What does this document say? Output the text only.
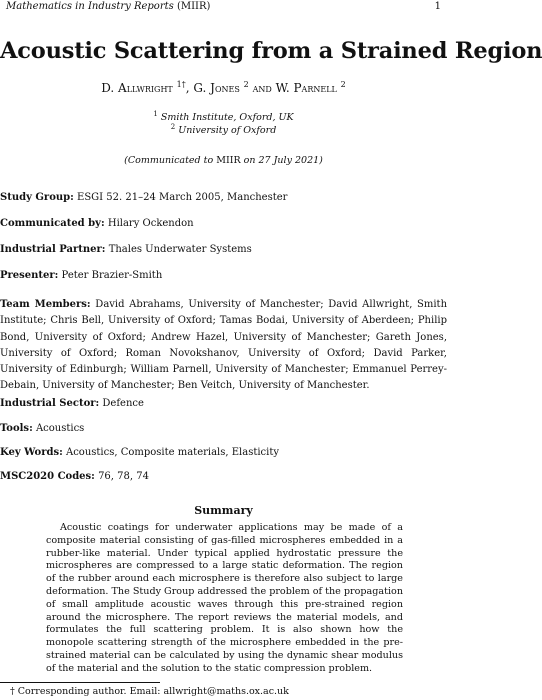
Mathematics in Industry Reports (MIIR)	1
Acoustic Scattering from a Strained Region
D. Allwright $^{1\dagger}$, G. Jones $^2$ and W. Parnell $^2$
$^1$ Smith Institute, Oxford, UK
$^2$ University of Oxford
(Communicated to MIIR on 27 July 2021)
Study Group: ESGI 52. 21–24 March 2005, Manchester
Communicated by: Hilary Ockendon
Industrial Partner: Thales Underwater Systems
Presenter: Peter Brazier-Smith
Team Members: David Abrahams, University of Manchester; David Allwright, Smith Institute; Chris Bell, University of Oxford; Tamas Bodai, University of Aberdeen; Philip Bond, University of Oxford; Andrew Hazel, University of Manchester; Gareth Jones, University of Oxford; Roman Novokshanov, University of Oxford; David Parker, University of Edinburgh; William Parnell, University of Manchester; Emmanuel Perrey-Debain, University of Manchester; Ben Veitch, University of Manchester.
Industrial Sector: Defence
Tools: Acoustics
Key Words: Acoustics, Composite materials, Elasticity
MSC2020 Codes: 76, 78, 74
Summary
Acoustic coatings for underwater applications may be made of a composite material consisting of gas-filled microspheres embedded in a rubber-like material. Under typical applied hydrostatic pressure the microspheres are compressed to a large static deformation. The region of the rubber around each microsphere is therefore also subject to large deformation. The Study Group addressed the problem of the propagation of small amplitude acoustic waves through this pre-strained region around the microsphere. The report reviews the material models, and formulates the full scattering problem. It is also shown how the monopole scattering strength of the microsphere embedded in the pre-strained material can be calculated by using the dynamic shear modulus of the material and the solution to the static compression problem.
† Corresponding author. Email: allwright@maths.ox.ac.uk
